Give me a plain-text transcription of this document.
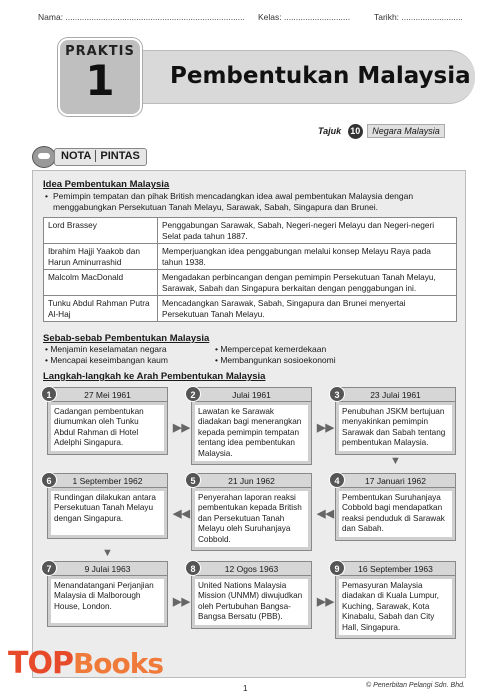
Nama: ............................................................................ Kelas: ............................	Tarikh: ..........................
Pembentukan Malaysia
PRAKTIS
1
Tajuk 10 Negara Malaysia
NOTA PINTAS
Idea Pembentukan Malaysia
• Pemimpin tempatan dan pihak British mencadangkan idea awal pembentukan Malaysia dengan menggabungkan Persekutuan Tanah Melayu, Sarawak, Sabah, Singapura dan Brunei.
Lord Brassey	Penggabungan Sarawak, Sabah, Negeri-negeri Melayu dan Negeri-negeri Selat pada tahun 1887.
Ibrahim Hajji Yaakob dan Harun Aminurrashid	Memperjuangkan idea penggabungan melalui konsep Melayu Raya pada tahun 1938.
Malcolm MacDonald	Mengadakan perbincangan dengan pemimpin Persekutuan Tanah Melayu, Sarawak, Sabah dan Singapura berkaitan dengan penggabungan ini.
Tunku Abdul Rahman Putra Al-Haj	Mencadangkan Sarawak, Sabah, Singapura dan Brunei menyertai Persekutuan Tanah Melayu.
Sebab-sebab Pembentukan Malaysia
• Menjamin keselamatan negara
• Mencapai keseimbangan kaum
• Mempercepat kemerdekaan
• Membangunkan sosioekonomi
Langkah-langkah ke Arah Pembentukan Malaysia
1	27 Mei 1961
Cadangan pembentukan diumumkan oleh Tunku Abdul Rahman di Hotel Adelphi Singapura.
▶▶
2	Julai 1961
Lawatan ke Sarawak diadakan bagi menerangkan kepada pemimpin tempatan tentang idea pembentukan Malaysia.
▶▶
3	23 Julai 1961
Penubuhan JSKM bertujuan menyakinkan pemimpin Sarawak dan Sabah tentang pembentukan Malaysia.
▼
6	1 September 1962
Rundingan dilakukan antara Persekutuan Tanah Melayu dengan Singapura.	◀◀
5	21 Jun 1962
Penyerahan laporan reaksi pembentukan kepada British dan Persekutuan Tanah Melayu oleh Suruhanjaya Cobbold.
◀◀
4	17 Januari 1962
Pembentukan Suruhanjaya Cobbold bagi mendapatkan reaksi penduduk di Sarawak dan Sabah.
▼
7	9 Julai 1963
Menandatangani Perjanjian Malaysia di Malborough House, London.	▶▶
8	12 Ogos 1963
United Nations Malaysia Mission (UNMM) diwujudkan oleh Pertubuhan Bangsa-Bangsa Bersatu (PBB).
▶▶
9	16 September 1963
Pemasyuran Malaysia diadakan di Kuala Lumpur, Kuching, Sarawak, Kota Kinabalu, Sabah dan City Hall, Singapura.
TOPBooks
1	© Penerbitan Pelangi Sdn. Bhd.
